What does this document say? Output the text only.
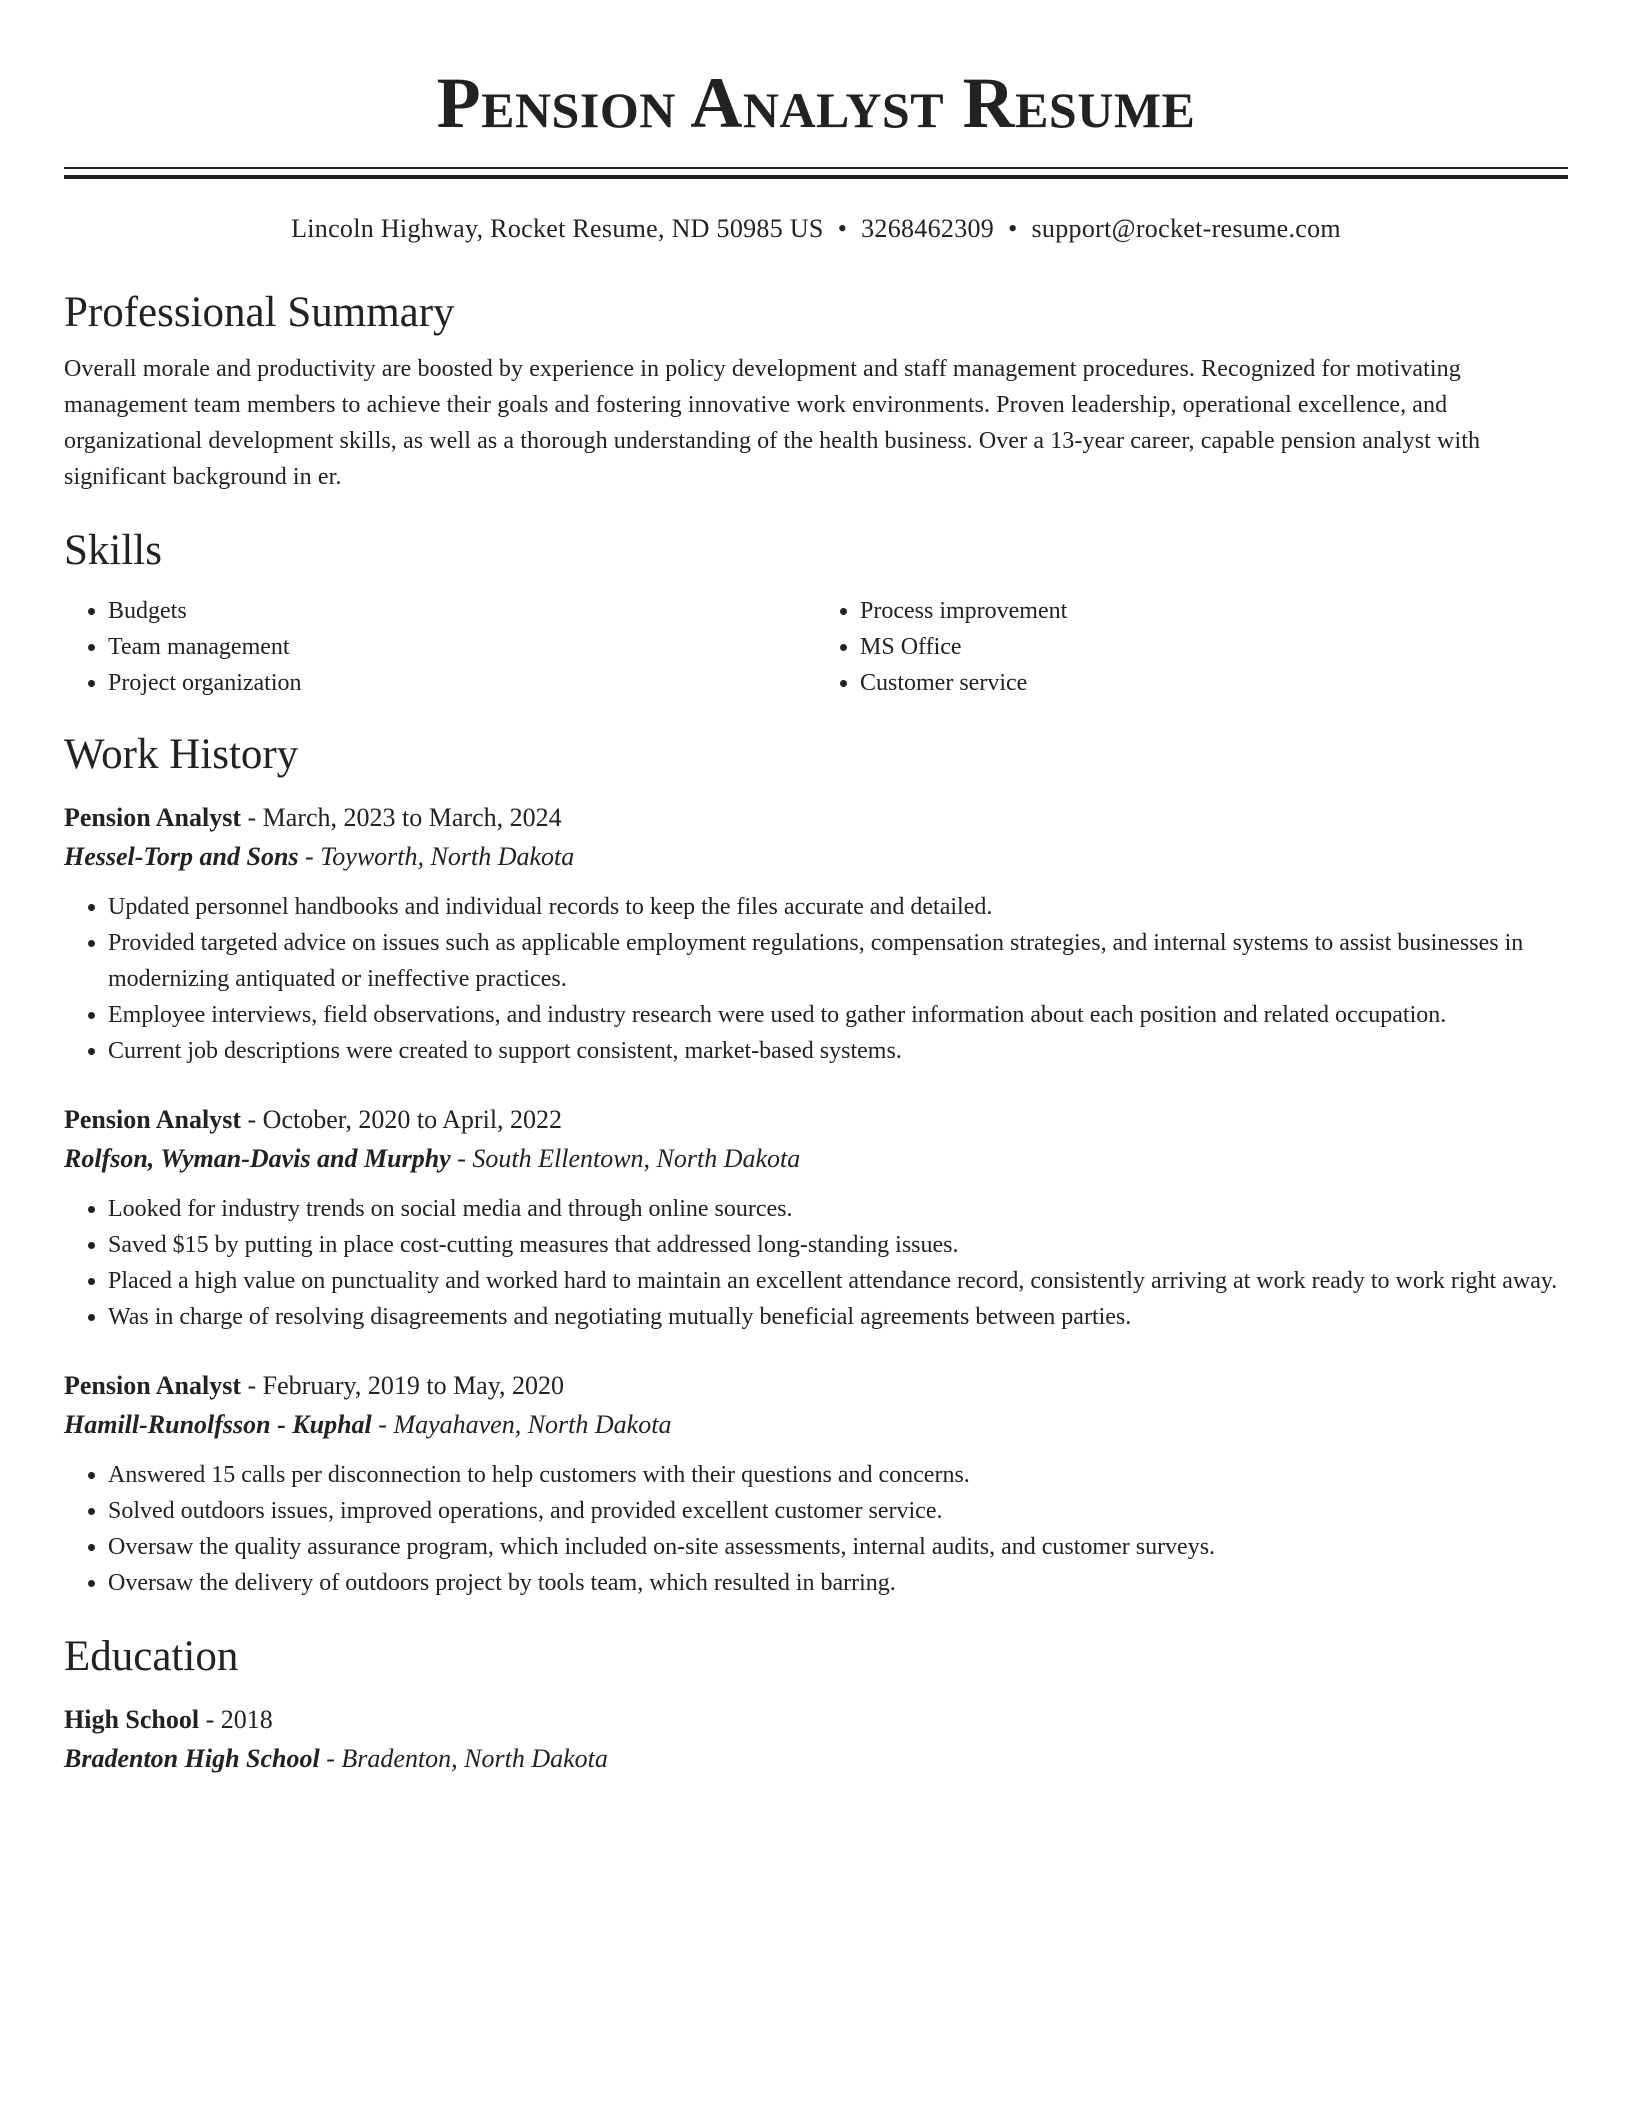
Pension Analyst Resume
Lincoln Highway, Rocket Resume, ND 50985 US • 3268462309 • support@rocket-resume.com
Professional Summary

Overall morale and productivity are boosted by experience in policy development and staff management procedures. Recognized for motivating management team members to achieve their goals and fostering innovative work environments. Proven leadership, operational excellence, and organizational development skills, as well as a thorough understanding of the health business. Over a 13-year career, capable pension analyst with significant background in er.

Skills
• Budgets
• Team management
• Project organization
• Process improvement
• MS Office
• Customer service
Work History
Pension Analyst - March, 2023 to March, 2024
Hessel-Torp and Sons - Toyworth, North Dakota
• Updated personnel handbooks and individual records to keep the files accurate and detailed.
• Provided targeted advice on issues such as applicable employment regulations, compensation strategies, and internal systems to assist businesses in modernizing antiquated or ineffective practices.
• Employee interviews, field observations, and industry research were used to gather information about each position and related occupation.
• Current job descriptions were created to support consistent, market-based systems.
Pension Analyst - October, 2020 to April, 2022
Rolfson, Wyman-Davis and Murphy - South Ellentown, North Dakota
• Looked for industry trends on social media and through online sources.
• Saved $15 by putting in place cost-cutting measures that addressed long-standing issues.
• Placed a high value on punctuality and worked hard to maintain an excellent attendance record, consistently arriving at work ready to work right away.
• Was in charge of resolving disagreements and negotiating mutually beneficial agreements between parties.
Pension Analyst - February, 2019 to May, 2020
Hamill-Runolfsson - Kuphal - Mayahaven, North Dakota
• Answered 15 calls per disconnection to help customers with their questions and concerns.
• Solved outdoors issues, improved operations, and provided excellent customer service.
• Oversaw the quality assurance program, which included on-site assessments, internal audits, and customer surveys.
• Oversaw the delivery of outdoors project by tools team, which resulted in barring.
Education
High School - 2018
Bradenton High School - Bradenton, North Dakota
